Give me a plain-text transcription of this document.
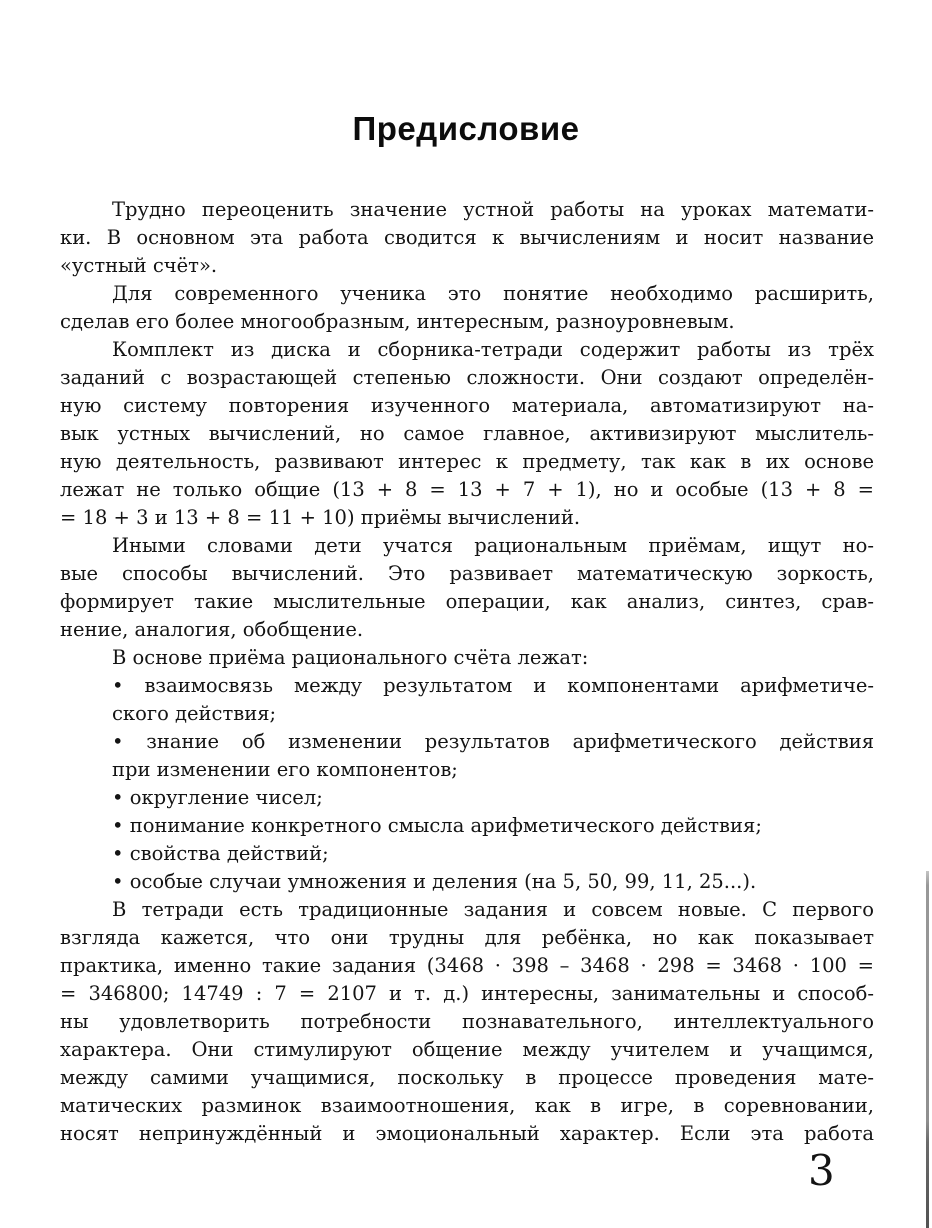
Предисловие
Трудно переоценить значение устной работы на уроках математи-
ки. В основном эта работа сводится к вычислениям и носит название
«устный счёт».
Для современного ученика это понятие необходимо расширить,
сделав его более многообразным, интересным, разноуровневым.
Комплект из диска и сборника-тетради содержит работы из трёх
заданий с возрастающей степенью сложности. Они создают определён-
ную систему повторения изученного материала, автоматизируют на-
вык устных вычислений, но самое главное, активизируют мыслитель-
ную деятельность, развивают интерес к предмету, так как в их основе
лежат не только общие (13 + 8 = 13 + 7 + 1), но и особые (13 + 8 =
= 18 + 3 и 13 + 8 = 11 + 10) приёмы вычислений.
Иными словами дети учатся рациональным приёмам, ищут но-
вые способы вычислений. Это развивает математическую зоркость,
формирует такие мыслительные операции, как анализ, синтез, срав-
нение, аналогия, обобщение.
В основе приёма рационального счёта лежат:
• взаимосвязь между результатом и компонентами арифметиче-
ского действия;
• знание об изменении результатов арифметического действия
при изменении его компонентов;
• округление чисел;
• понимание конкретного смысла арифметического действия;
• свойства действий;
• особые случаи умножения и деления (на 5, 50, 99, 11, 25...).
В тетради есть традиционные задания и совсем новые. С первого
взгляда кажется, что они трудны для ребёнка, но как показывает
практика, именно такие задания (3468 · 398 – 3468 · 298 = 3468 · 100 =
= 346800; 14749 : 7 = 2107 и т. д.) интересны, занимательны и способ-
ны удовлетворить потребности познавательного, интеллектуального
характера. Они стимулируют общение между учителем и учащимся,
между самими учащимися, поскольку в процессе проведения мате-
матических разминок взаимоотношения, как в игре, в соревновании,
носят непринуждённый и эмоциональный характер. Если эта работа
3
